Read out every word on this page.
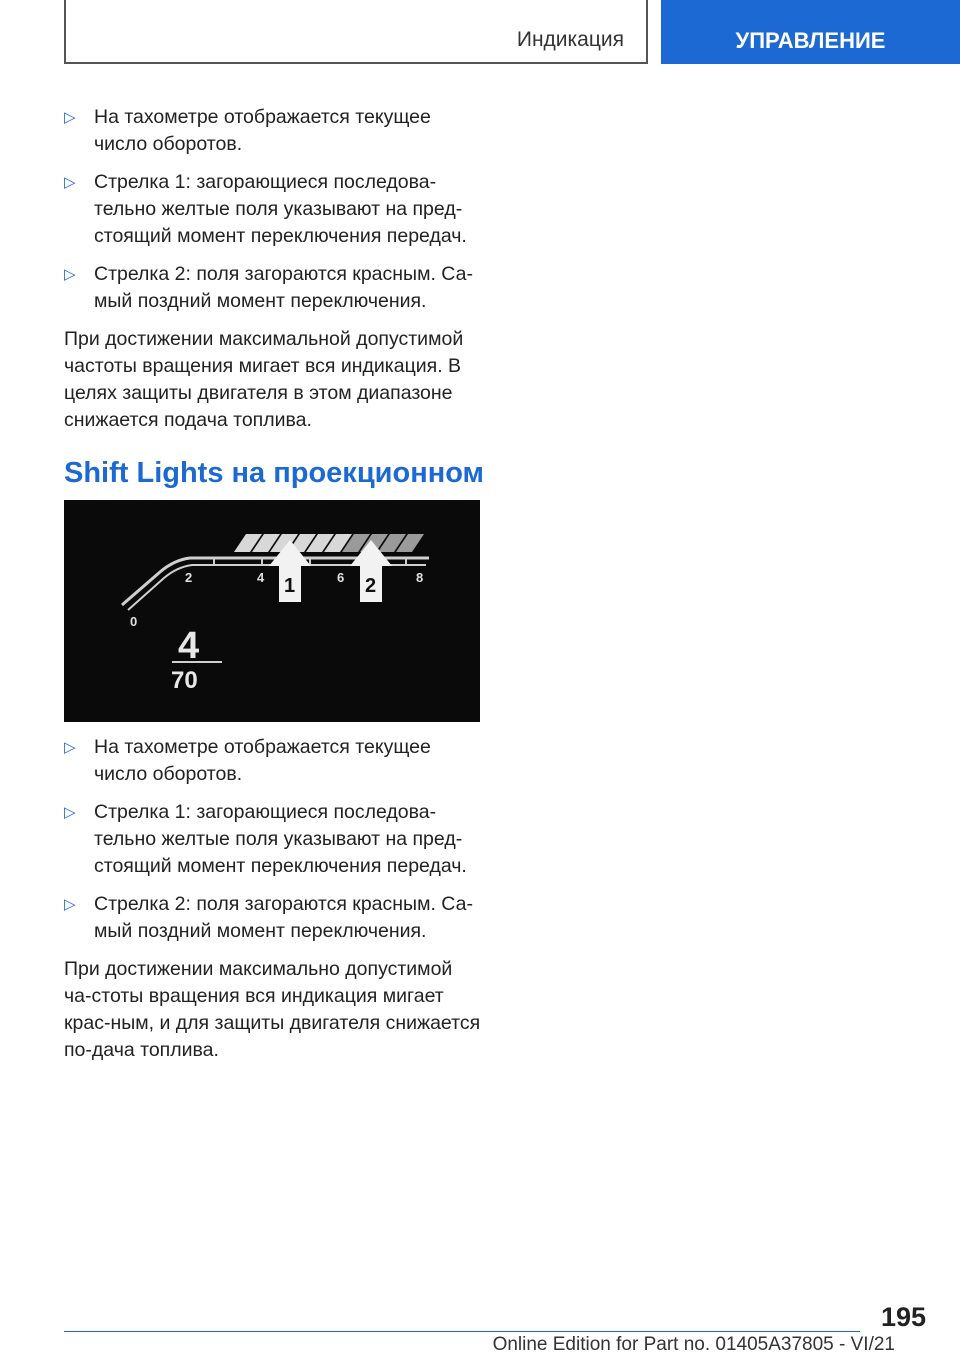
Индикация	УПРАВЛЕНИЕ
▷ На тахометре отображается текущее число оборотов.
▷ Стрелка 1: загорающиеся последова-тельно желтые поля указывают на пред-стоящий момент переключения передач.
▷ Стрелка 2: поля загораются красным. Са-мый поздний момент переключения.
При достижении максимальной допустимой частоты вращения мигает вся индикация. В целях защиты двигателя в этом диапазоне снижается подача топлива.
Shift Lights на проекционном
0
2	4	6	8
1	2
4
70
▷ На тахометре отображается текущее число оборотов.
▷ Стрелка 1: загорающиеся последова-тельно желтые поля указывают на пред-стоящий момент переключения передач.
▷ Стрелка 2: поля загораются красным. Са-мый поздний момент переключения.
При достижении максимально допустимой ча-стоты вращения вся индикация мигает крас-ным, и для защиты двигателя снижается по-дача топлива.
195
Online Edition for Part no. 01405A37805 - VI/21
